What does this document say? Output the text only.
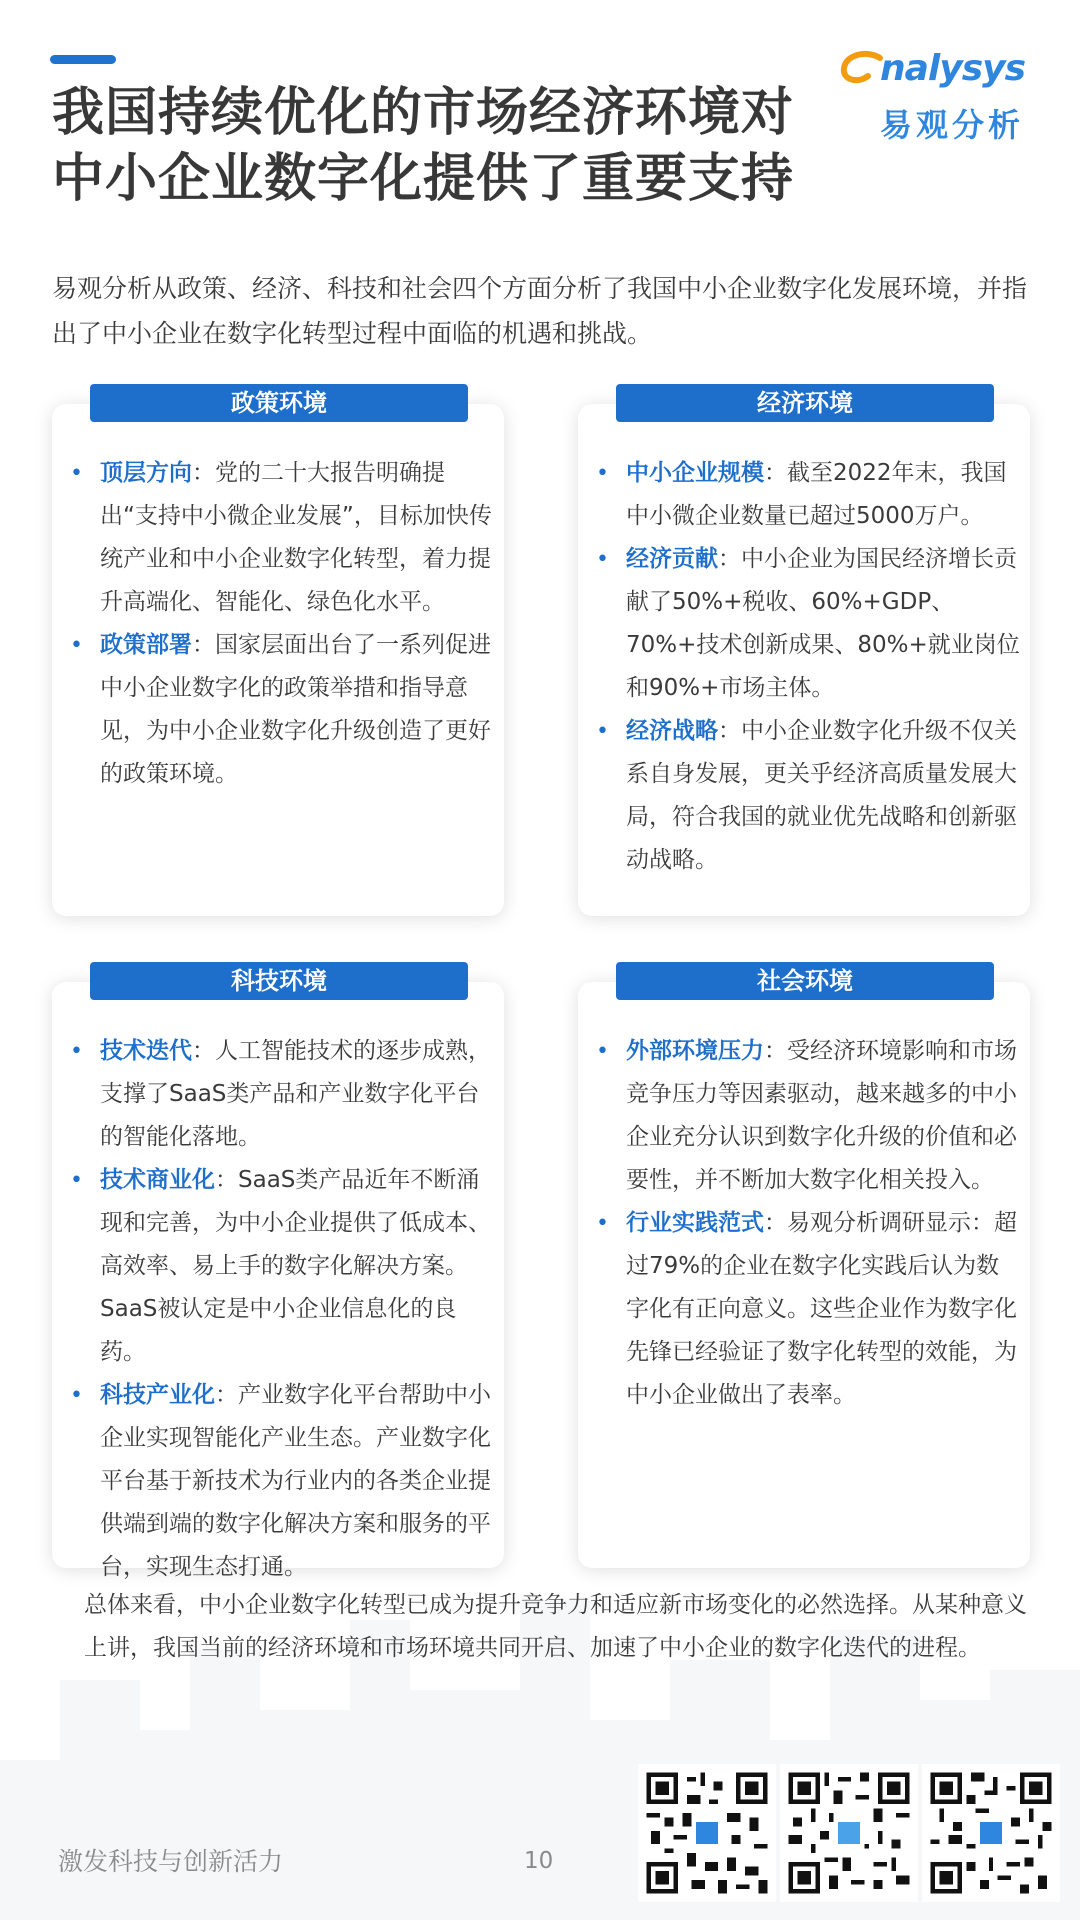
我国持续优化的市场经济环境对
中小企业数字化提供了重要支持
nalysys
易观分析

易观分析从政策、经济、科技和社会四个方面分析了我国中小企业数字化发展环境，并指出了中小企业在数字化转型过程中面临的机遇和挑战。

政策环境
• 顶层方向：党的二十大报告明确提出“支持中小微企业发展”，目标加快传统产业和中小企业数字化转型，着力提升高端化、智能化、绿色化水平。
• 政策部署：国家层面出台了一系列促进中小企业数字化的政策举措和指导意见，为中小企业数字化升级创造了更好的政策环境。
经济环境
• 中小企业规模：截至2022年末，我国中小微企业数量已超过5000万户。
• 经济贡献：中小企业为国民经济增长贡献了50%+税收、60%+GDP、70%+技术创新成果、80%+就业岗位和90%+市场主体。
• 经济战略：中小企业数字化升级不仅关系自身发展，更关乎经济高质量发展大局，符合我国的就业优先战略和创新驱动战略。
科技环境
• 技术迭代：人工智能技术的逐步成熟，支撑了SaaS类产品和产业数字化平台的智能化落地。
• 技术商业化：SaaS类产品近年不断涌现和完善，为中小企业提供了低成本、高效率、易上手的数字化解决方案。SaaS被认定是中小企业信息化的良药。
• 科技产业化：产业数字化平台帮助中小企业实现智能化产业生态。产业数字化平台基于新技术为行业内的各类企业提供端到端的数字化解决方案和服务的平台，实现生态打通。
社会环境
• 外部环境压力：受经济环境影响和市场竞争压力等因素驱动，越来越多的中小企业充分认识到数字化升级的价值和必要性，并不断加大数字化相关投入。
• 行业实践范式：易观分析调研显示：超过79%的企业在数字化实践后认为数字化有正向意义。这些企业作为数字化先锋已经验证了数字化转型的效能，为中小企业做出了表率。

总体来看，中小企业数字化转型已成为提升竞争力和适应新市场变化的必然选择。从某种意义上讲，我国当前的经济环境和市场环境共同开启、加速了中小企业的数字化迭代的进程。

激发科技与创新活力	10
